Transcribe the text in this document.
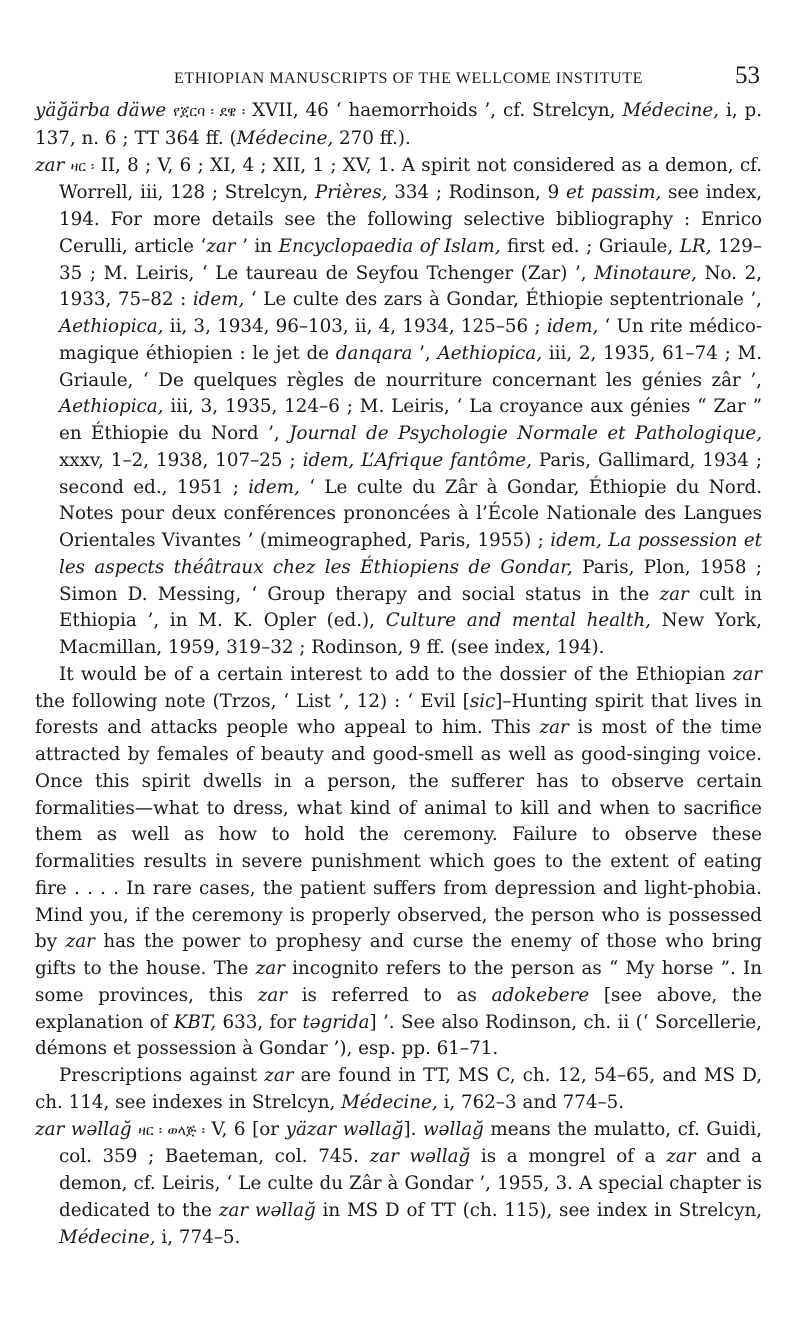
ETHIOPIAN MANUSCRIPTS OF THE WELLCOME INSTITUTE	53

yäğärba däwe የጀርባ ፡ ደዌ ፡ XVII, 46 ‘ haemorrhoids ’, cf. Strelcyn, Médecine, i, p. 137, n. 6 ; TT 364 ff. (Médecine, 270 ff.).

zar ዛር ፡ II, 8 ; V, 6 ; XI, 4 ; XII, 1 ; XV, 1. A spirit not considered as a demon, cf. Worrell, iii, 128 ; Strelcyn, Prières, 334 ; Rodinson, 9 et passim, see index, 194. For more details see the following selective bibliography : Enrico Cerulli, article ‘zar ’ in Encyclopaedia of Islam, first ed. ; Griaule, LR, 129–35 ; M. Leiris, ‘ Le taureau de Seyfou Tchenger (Zar) ’, Minotaure, No. 2, 1933, 75–82 : idem, ‘ Le culte des zars à Gondar, Éthiopie septentrionale ’, Aethiopica, ii, 3, 1934, 96–103, ii, 4, 1934, 125–56 ; idem, ‘ Un rite médico-magique éthiopien : le jet de danqara ’, Aethiopica, iii, 2, 1935, 61–74 ; M. Griaule, ‘ De quelques règles de nourriture concernant les génies zâr ’, Aethiopica, iii, 3, 1935, 124–6 ; M. Leiris, ‘ La croyance aux génies “ Zar ” en Éthiopie du Nord ’, Journal de Psychologie Normale et Pathologique, xxxv, 1–2, 1938, 107–25 ; idem, L’Afrique fantôme, Paris, Gallimard, 1934 ; second ed., 1951 ; idem, ‘ Le culte du Zâr à Gondar, Éthiopie du Nord. Notes pour deux conférences prononcées à l’École Nationale des Langues Orientales Vivantes ’ (mimeographed, Paris, 1955) ; idem, La possession et les aspects théâtraux chez les Éthiopiens de Gondar, Paris, Plon, 1958 ; Simon D. Messing, ‘ Group therapy and social status in the zar cult in Ethiopia ’, in M. K. Opler (ed.), Culture and mental health, New York, Macmillan, 1959, 319–32 ; Rodinson, 9 ff. (see index, 194).

It would be of a certain interest to add to the dossier of the Ethiopian zar the following note (Trzos, ‘ List ’, 12) : ‘ Evil [sic]–Hunting spirit that lives in forests and attacks people who appeal to him. This zar is most of the time attracted by females of beauty and good-smell as well as good-singing voice. Once this spirit dwells in a person, the sufferer has to observe certain formalities—what to dress, what kind of animal to kill and when to sacrifice them as well as how to hold the ceremony. Failure to observe these formalities results in severe punishment which goes to the extent of eating fire . . . . In rare cases, the patient suffers from depression and light-phobia. Mind you, if the ceremony is properly observed, the person who is possessed by zar has the power to prophesy and curse the enemy of those who bring gifts to the house. The zar incognito refers to the person as “ My horse ”. In some provinces, this zar is referred to as adokebere [see above, the explanation of KBT, 633, for təgrida] ’. See also Rodinson, ch. ii (‘ Sorcellerie, démons et possession à Gondar ’), esp. pp. 61–71.

Prescriptions against zar are found in TT, MS C, ch. 12, 54–65, and MS D, ch. 114, see indexes in Strelcyn, Médecine, i, 762–3 and 774–5.

zar wəllağ ዛር ፡ ወላጅ ፡ V, 6 [or yäzar wəllağ]. wəllağ means the mulatto, cf. Guidi, col. 359 ; Baeteman, col. 745. zar wəllağ is a mongrel of a zar and a demon, cf. Leiris, ‘ Le culte du Zâr à Gondar ’, 1955, 3. A special chapter is dedicated to the zar wəllağ in MS D of TT (ch. 115), see index in Strelcyn, Médecine, i, 774–5.
